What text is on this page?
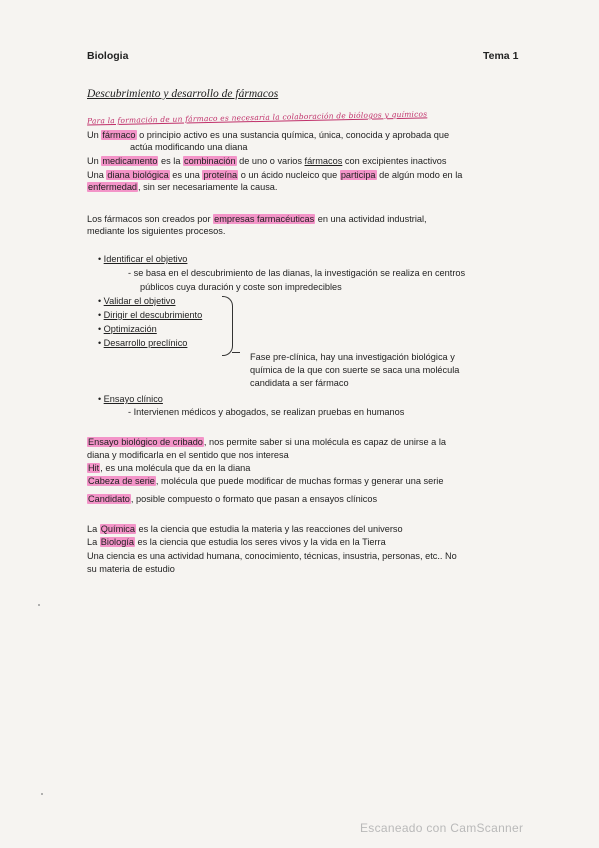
Biologia	Tema 1
Descubrimiento y desarrollo de fármacos
Para la formación de un fármaco es necesaria la colaboración de biólogos y químicos
Un fármaco o principio activo es una sustancia química, única, conocida y aprobada que
actúa modificando una diana
Un medicamento es la combinación de uno o varios fármacos con excipientes inactivos
Una diana biológica es una proteína o un ácido nucleico que participa de algún modo en la
enfermedad, sin ser necesariamente la causa.
Los fármacos son creados por empresas farmacéuticas en una actividad industrial,
mediante los siguientes procesos.
• Identificar el objetivo
- se basa en el descubrimiento de las dianas, la investigación se realiza en centros
públicos cuya duración y coste son impredecibles
• Validar el objetivo
• Dirigir el descubrimiento
• Optimización
• Desarrollo preclínico
Fase pre-clínica, hay una investigación biológica y
química de la que con suerte se saca una molécula
candidata a ser fármaco
• Ensayo clínico
- Intervienen médicos y abogados, se realizan pruebas en humanos
Ensayo biológico de cribado, nos permite saber si una molécula es capaz de unirse a la
diana y modificarla en el sentido que nos interesa
Hit, es una molécula que da en la diana
Cabeza de serie, molécula que puede modificar de muchas formas y generar una serie
Candidato, posible compuesto o formato que pasan a ensayos clínicos
La Química es la ciencia que estudia la materia y las reacciones del universo
La Biología es la ciencia que estudia los seres vivos y la vida en la Tierra
Una ciencia es una actividad humana, conocimiento, técnicas, insustria, personas, etc.. No
su materia de estudio
Escaneado con CamScanner
